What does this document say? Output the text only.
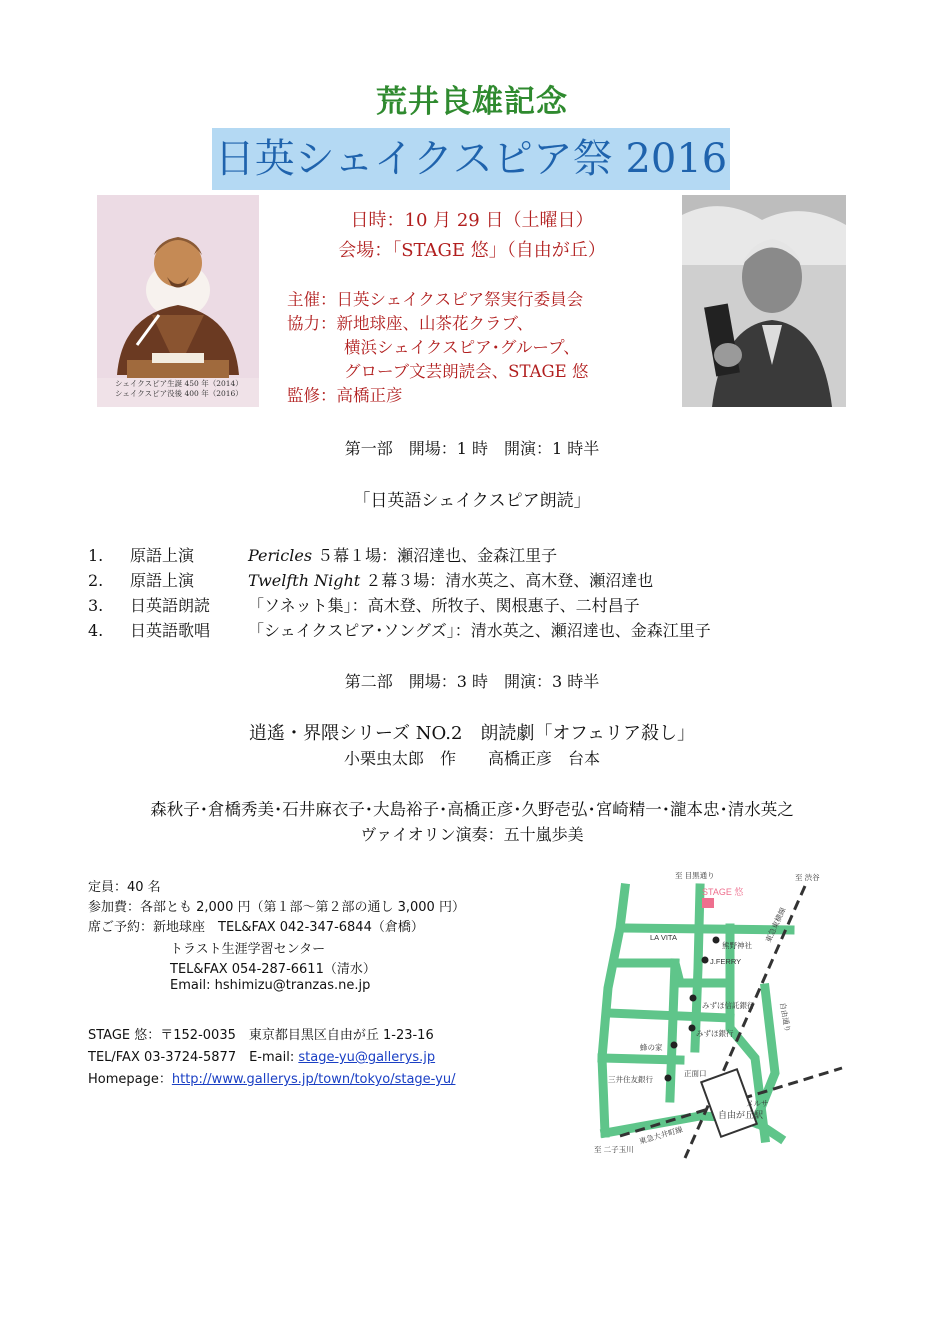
荒井良雄記念
日英シェイクスピア祭 2016
シェイクスピア生誕 450 年（2014）
シェイクスピア没後 400 年（2016）
日時：10 月 29 日（土曜日）
会場：「STAGE 悠」（自由が丘）
主催：日英シェイクスピア祭実行委員会
協力：新地球座、山茶花クラブ、
横浜シェイクスピア･グループ、
グローブ文芸朗読会、STAGE 悠
監修：高橋正彦
第一部　開場：1 時　開演：1 時半
「日英語シェイクスピア朗読」
1. 原語上演	Pericles ５幕１場：瀬沼達也、金森江里子
2. 原語上演	Twelfth Night ２幕３場：清水英之、高木登、瀬沼達也
3. 日英語朗読 「ソネット集」：高木登、所牧子、関根惠子、二村昌子
4. 日英語歌唱 「シェイクスピア･ソングズ」：清水英之、瀬沼達也、金森江里子
第二部　開場：3 時　開演：3 時半
逍遙・界隈シリーズ NO.2　朗読劇「オフェリア殺し」
小栗虫太郎　作　　高橋正彦　台本
森秋子･倉橋秀美･石井麻衣子･大島裕子･高橋正彦･久野壱弘･宮崎精一･瀧本忠･清水英之
ヴァイオリン演奏：五十嵐歩美
定員：40 名
参加費：各部とも 2,000 円（第１部～第２部の通し 3,000 円）
席ご予約：新地球座　TEL&FAX 042-347-6844（倉橋）
トラスト生涯学習センター
TEL&FAX 054-287-6611（清水）
Email: hshimizu@tranzas.ne.jp
STAGE 悠：〒152-0035　東京都目黒区自由が丘 1-23-16
TEL/FAX 03-3724-5877　E-mail: stage-yu@gallerys.jp
Homepage：http://www.gallerys.jp/town/tokyo/stage-yu/
至 目黒通り	至 渋谷
STAGE 悠
LA VITA
熊野神社
J.FERRY
みずほ信託銀行
蜂の家
みずほ銀行
三井住友銀行
正面口
自由が丘駅
メルサ
至 二子玉川
東急大井町線
東急東横線
自由通り
